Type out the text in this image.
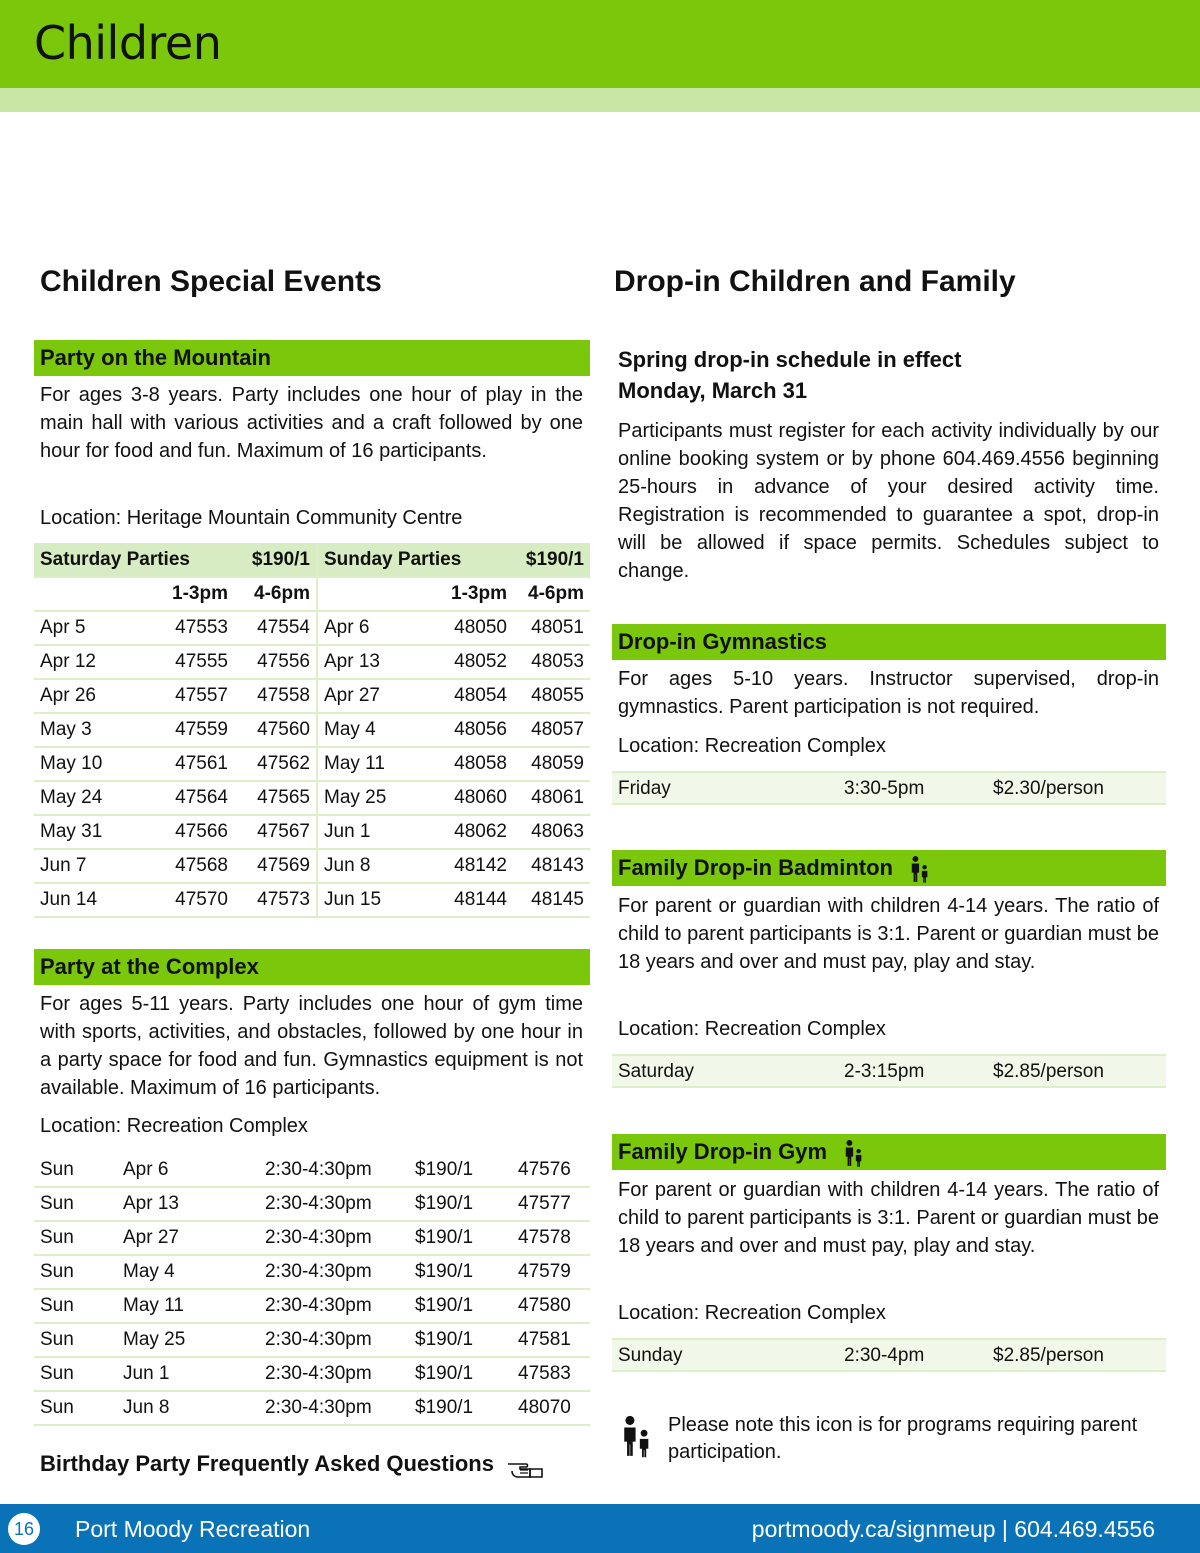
Children
Children Special Events
Party on the Mountain
For ages 3-8 years. Party includes one hour of play in the main hall with various activities and a craft followed by one hour for food and fun. Maximum of 16 participants.
Location: Heritage Mountain Community Centre
Saturday Parties		$190/1	Sunday Parties		$190/1
	1-3pm	4-6pm		1-3pm	4-6pm
Apr 5	47553	47554	Apr 6	48050	48051
Apr 12	47555	47556	Apr 13	48052	48053
Apr 26	47557	47558	Apr 27	48054	48055
May 3	47559	47560	May 4	48056	48057
May 10	47561	47562	May 11	48058	48059
May 24	47564	47565	May 25	48060	48061
May 31	47566	47567	Jun 1	48062	48063
Jun 7	47568	47569	Jun 8	48142	48143
Jun 14	47570	47573	Jun 15	48144	48145
Party at the Complex
For ages 5-11 years. Party includes one hour of gym time with sports, activities, and obstacles, followed by one hour in a party space for food and fun. Gymnastics equipment is not available. Maximum of 16 participants.
Location: Recreation Complex
Sun	Apr 6	2:30-4:30pm	$190/1	47576
Sun	Apr 13	2:30-4:30pm	$190/1	47577
Sun	Apr 27	2:30-4:30pm	$190/1	47578
Sun	May 4	2:30-4:30pm	$190/1	47579
Sun	May 11	2:30-4:30pm	$190/1	47580
Sun	May 25	2:30-4:30pm	$190/1	47581
Sun	Jun 1	2:30-4:30pm	$190/1	47583
Sun	Jun 8	2:30-4:30pm	$190/1	48070
Birthday Party Frequently Asked Questions
Drop-in Children and Family
Spring drop-in schedule in effect
Monday, March 31
Participants must register for each activity individually by our online booking system or by phone 604.469.4556 beginning 25-hours in advance of your desired activity time. Registration is recommended to guarantee a spot, drop-in will be allowed if space permits. Schedules subject to change.
Drop-in Gymnastics
For ages 5-10 years. Instructor supervised, drop-in gymnastics. Parent participation is not required.
Location: Recreation Complex
Friday	3:30-5pm	$2.30/person
Family Drop-in Badminton
For parent or guardian with children 4-14 years. The ratio of child to parent participants is 3:1. Parent or guardian must be 18 years and over and must pay, play and stay.
Location: Recreation Complex
Saturday	2-3:15pm	$2.85/person
Family Drop-in Gym
For parent or guardian with children 4-14 years. The ratio of child to parent participants is 3:1. Parent or guardian must be 18 years and over and must pay, play and stay.
Location: Recreation Complex
Sunday	2:30-4pm	$2.85/person
Please note this icon is for programs requiring parent participation.
16 Port Moody Recreation	portmoody.ca/signmeup | 604.469.4556
